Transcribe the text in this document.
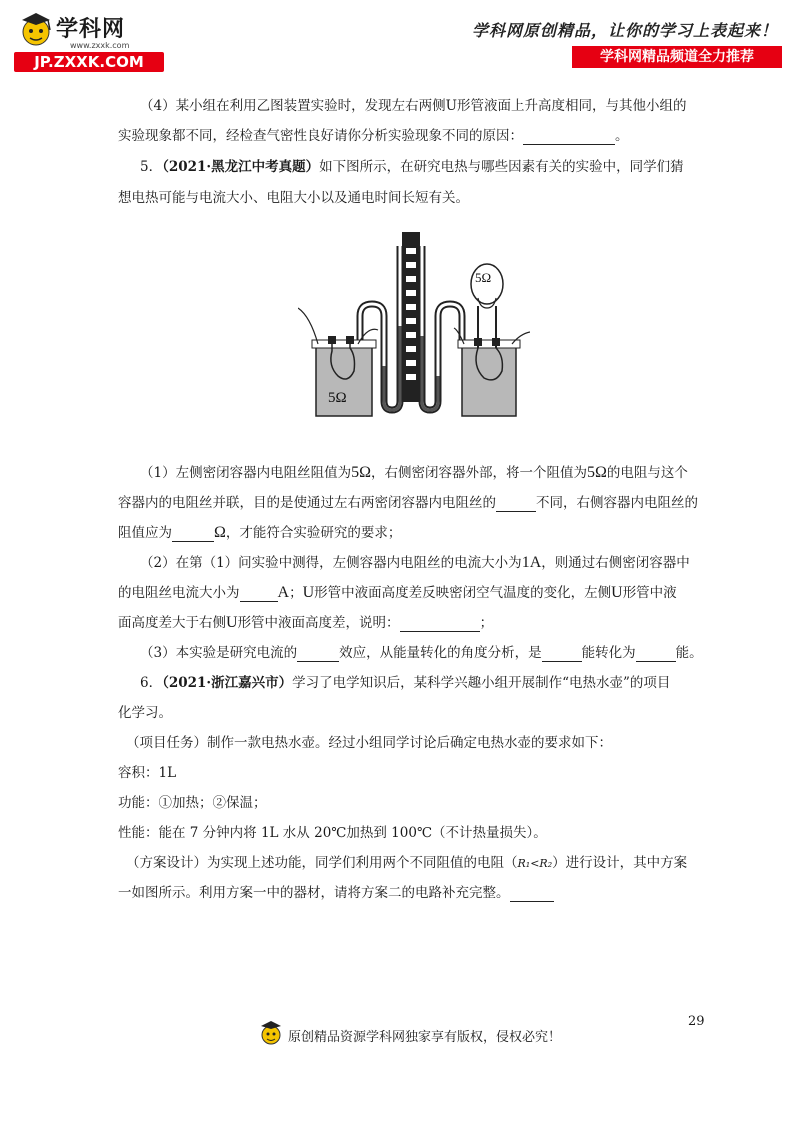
学科网
www.zxxk.com
JP.ZXXK.COM
学科网原创精品，让你的学习上表起来！
学科网精品频道全力推荐
（4）某小组在利用乙图装置实验时，发现左右两侧U形管液面上升高度相同，与其他小组的
实验现象都不同，经检查气密性良好请你分析实验现象不同的原因：	。
5．（2021·黑龙江中考真题）如下图所示，在研究电热与哪些因素有关的实验中，同学们猜
想电热可能与电流大小、电阻大小以及通电时间长短有关。
5Ω
5Ω
（1）左侧密闭容器内电阻丝阻值为5Ω，右侧密闭容器外部，将一个阻值为5Ω的电阻与这个
容器内的电阻丝并联，目的是使通过左右两密闭容器内电阻丝的	不同，右侧容器内电阻丝的
阻值应为	Ω，才能符合实验研究的要求；
（2）在第（1）问实验中测得，左侧容器内电阻丝的电流大小为1A，则通过右侧密闭容器中
的电阻丝电流大小为 A；U形管中液面高度差反映密闭空气温度的变化，左侧U形管中液
面高度差大于右侧U形管中液面高度差，说明：	；
（3）本实验是研究电流的	效应，从能量转化的角度分析，是	能转化为	能。
6．（2021·浙江嘉兴市）学习了电学知识后，某科学兴趣小组开展制作“电热水壶”的项目
化学习。
（项目任务）制作一款电热水壶。经过小组同学讨论后确定电热水壶的要求如下：
容积：1L
功能：①加热；②保温；
性能：能在 7 分钟内将 1L 水从 20℃加热到 100℃（不计热量损失）。
（方案设计）为实现上述功能，同学们利用两个不同阻值的电阻（R₁<R₂）进行设计，其中方案
一如图所示。利用方案一中的器材，请将方案二的电路补充完整。
29
原创精品资源学科网独家享有版权，侵权必究！
